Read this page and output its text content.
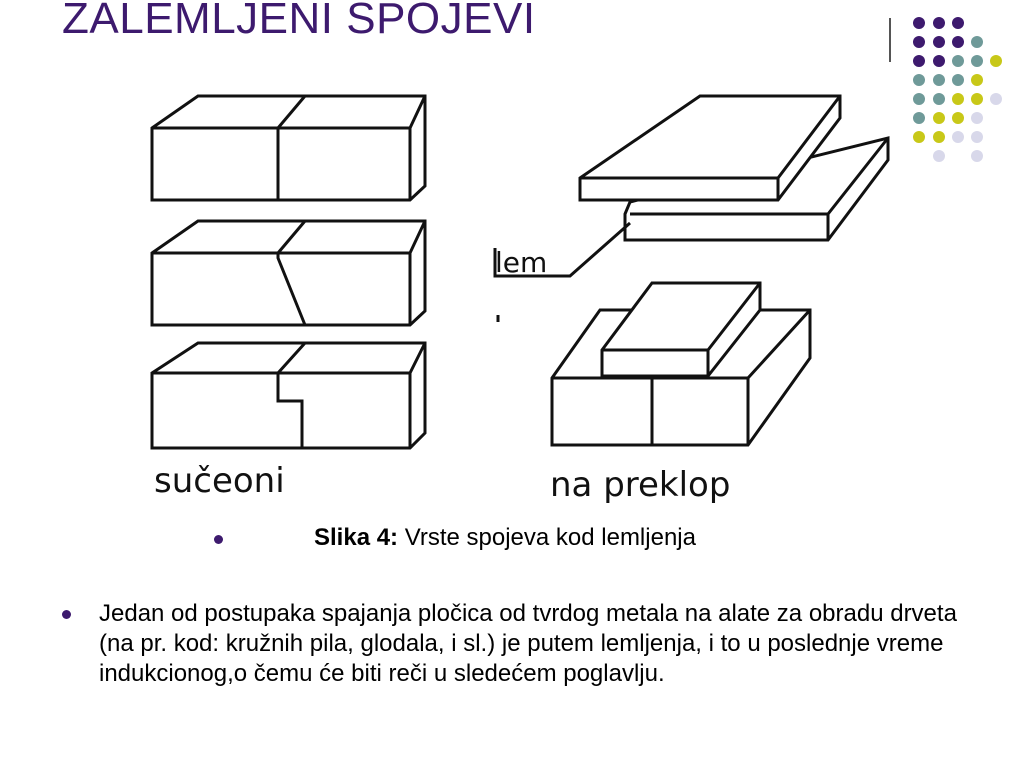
ZALEMLJENI SPOJEVI
sučeoni	na preklop
lem
Slika 4: Vrste spojeva kod lemljenja
Jedan od postupaka spajanja pločica od tvrdog metala na alate za obradu drveta (na pr. kod: kružnih pila, glodala, i sl.) je putem lemljenja, i to u poslednje vreme indukcionog,o čemu će biti reči u sledećem poglavlju.
